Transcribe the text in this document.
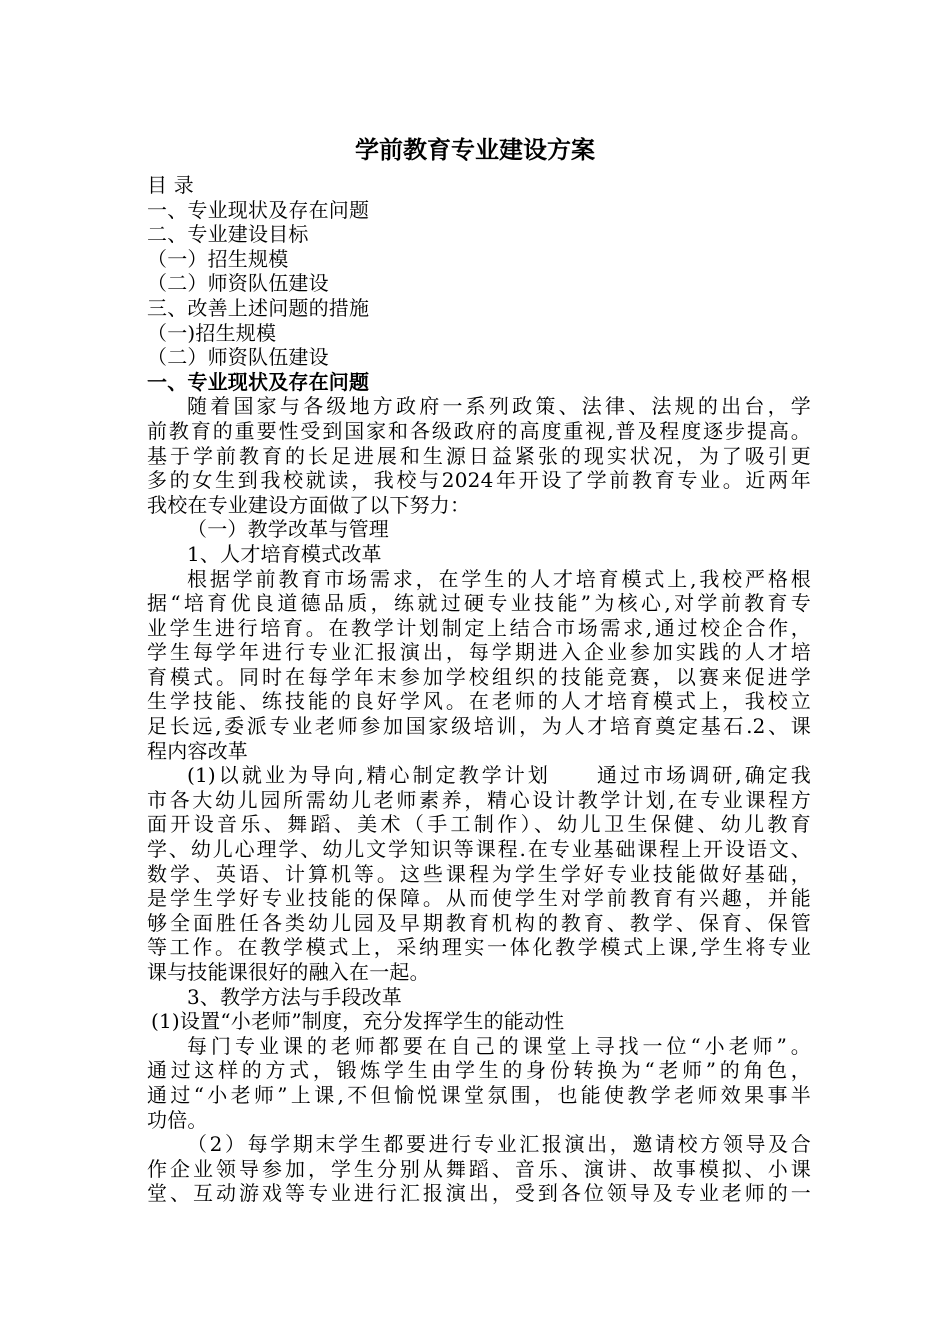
学前教育专业建设方案
目 录
一、专业现状及存在问题
二、专业建设目标
（一）招生规模
（二）师资队伍建设
三、改善上述问题的措施
（一)招生规模
（二）师资队伍建设
一、专业现状及存在问题
随着国家与各级地方政府一系列政策、法律、法规的出台，学
前教育的重要性受到国家和各级政府的高度重视,普及程度逐步提高。
基于学前教育的长足进展和生源日益紧张的现实状况，为了吸引更
多的女生到我校就读，我校与2024年开设了学前教育专业。近两年
我校在专业建设方面做了以下努力：
（一）教学改革与管理
1、人才培育模式改革
根据学前教育市场需求，在学生的人才培育模式上,我校严格根
据“培育优良道德品质，练就过硬专业技能”为核心,对学前教育专
业学生进行培育。在教学计划制定上结合市场需求,通过校企合作，
学生每学年进行专业汇报演出，每学期进入企业参加实践的人才培
育模式。同时在每学年末参加学校组织的技能竞赛，以赛来促进学
生学技能、练技能的良好学风。在老师的人才培育模式上，我校立
足长远,委派专业老师参加国家级培训，为人才培育奠定基石.2、课
程内容改革
(1)以就业为导向,精心制定教学计划　　通过市场调研,确定我
市各大幼儿园所需幼儿老师素养，精心设计教学计划,在专业课程方
面开设音乐、舞蹈、美术（手工制作）、幼儿卫生保健、幼儿教育
学、幼儿心理学、幼儿文学知识等课程.在专业基础课程上开设语文、
数学、英语、计算机等。这些课程为学生学好专业技能做好基础，
是学生学好专业技能的保障。从而使学生对学前教育有兴趣，并能
够全面胜任各类幼儿园及早期教育机构的教育、教学、保育、保管
等工作。在教学模式上，采纳理实一体化教学模式上课,学生将专业
课与技能课很好的融入在一起。
3、教学方法与手段改革
(1)设置“小老师”制度，充分发挥学生的能动性
每门专业课的老师都要在自己的课堂上寻找一位“小老师”。
通过这样的方式，锻炼学生由学生的身份转换为“老师”的角色，
通过“小老师”上课,不但愉悦课堂氛围，也能使教学老师效果事半
功倍。
（2）每学期末学生都要进行专业汇报演出，邀请校方领导及合
作企业领导参加，学生分别从舞蹈、音乐、演讲、故事模拟、小课
堂、互动游戏等专业进行汇报演出，受到各位领导及专业老师的一
